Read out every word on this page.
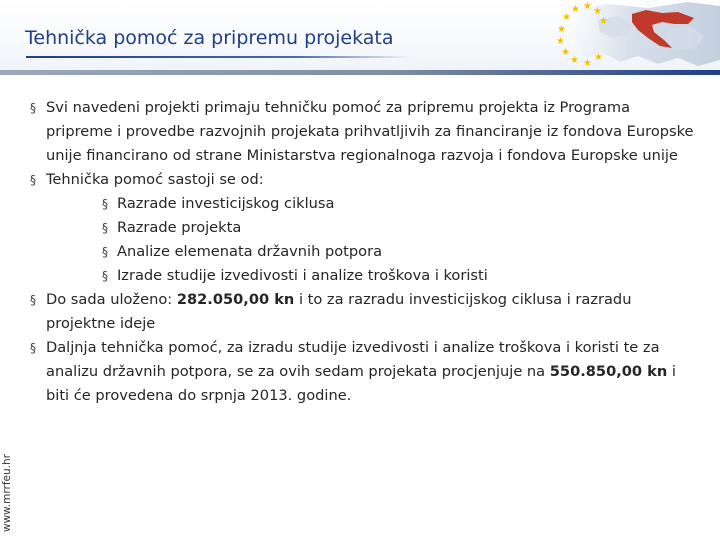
Tehnička pomoć za pripremu projekata
★ ★ ★
★
★
★
★
★
★ ★
★
www.mrrfeu.hr

§ Svi navedeni projekti primaju tehničku pomoć za pripremu projekta iz Programa pripreme i provedbe razvojnih projekata prihvatljivih za financiranje iz fondova Europske unije financirano od strane Ministarstva regionalnoga razvoja i fondova Europske unije

§ Tehnička pomoć sastoji se od:

§ Razrade investicijskog ciklusa

§ Razrade projekta

§ Analize elemenata državnih potpora

§ Izrade studije izvedivosti i analize troškova i koristi

§ Do sada uloženo: 282.050,00 kn i to za razradu investicijskog ciklusa i razradu projektne ideje

§ Daljnja tehnička pomoć, za izradu studije izvedivosti i analize troškova i koristi te za analizu državnih potpora, se za ovih sedam projekata procjenjuje na 550.850,00 kn i biti će provedena do srpnja 2013. godine.
